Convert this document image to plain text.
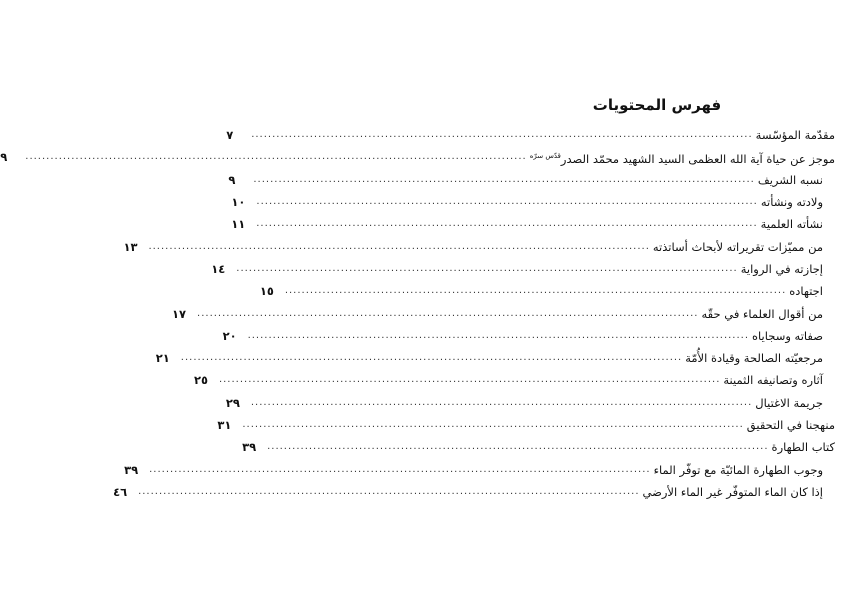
فهرس المحتويات
مقدّمة المؤسّسة
........................................................................................................................
٧
موجز عن حياة آية الله العظمى السيد الشهيد محمّد الصدر$^{قدّس سرّه}$
........................................................................................................................
٩
نسبه الشريف
........................................................................................................................
٩
ولادته ونشأته
........................................................................................................................
١٠
نشأته العلمية
........................................................................................................................
١١
من مميّزات تقريراته لأبحاث أساتذته
........................................................................................................................
١٣
إجازته في الرواية
........................................................................................................................
١٤
اجتهاده
........................................................................................................................
١٥
من أقوال العلماء في حقّه
........................................................................................................................
١٧
صفاته وسجاياه
........................................................................................................................
٢٠
مرجعيّته الصالحة وقيادة الأُمّة
........................................................................................................................
٢١
آثاره وتصانيفه الثمينة
........................................................................................................................
٢٥
جريمة الاغتيال
........................................................................................................................
٢٩
منهجنا في التحقيق
........................................................................................................................
٣١
كتاب الطهارة
........................................................................................................................
٣٩
وجوب الطهارة المائيّة مع توفّر الماء
........................................................................................................................
٣٩
إذا كان الماء المتوفّر غير الماء الأرضي
........................................................................................................................
٤٦
